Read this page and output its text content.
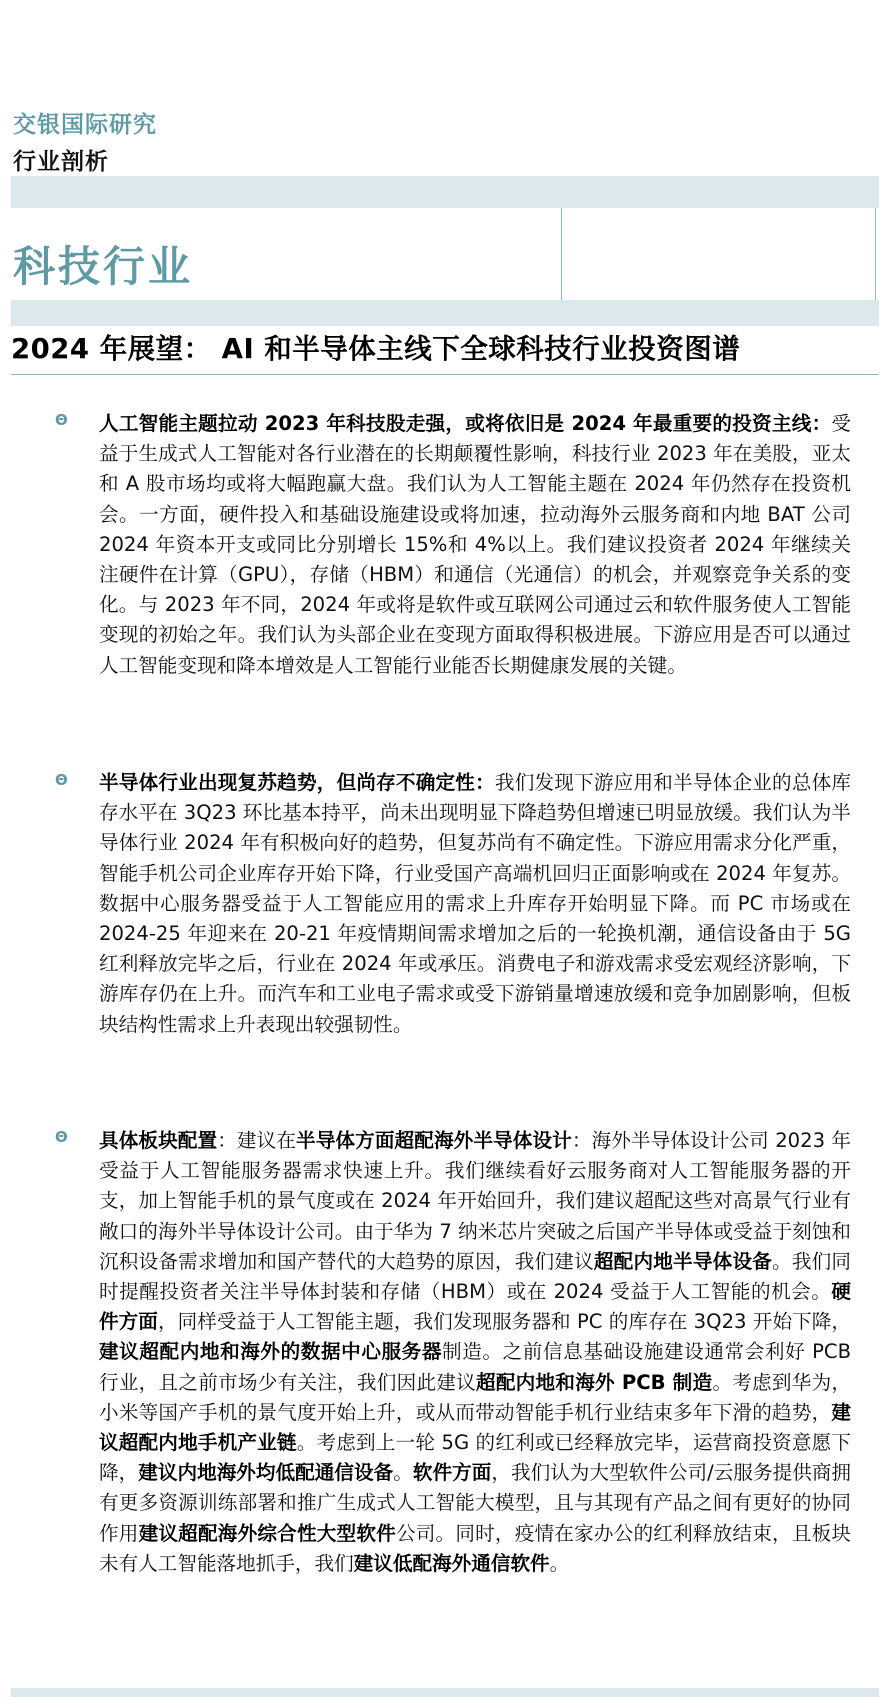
交银国际研究
行业剖析
科技行业
2024 年展望： AI 和半导体主线下全球科技行业投资图谱
Θ 人工智能主题拉动 2023 年科技股走强，或将依旧是 2024 年最重要的投资主线：受益于生成式人工智能对各行业潜在的长期颠覆性影响，科技行业 2023 年在美股，亚太和 A 股市场均或将大幅跑赢大盘。我们认为人工智能主题在 2024 年仍然存在投资机会。一方面，硬件投入和基础设施建设或将加速，拉动海外云服务商和内地 BAT 公司 2024 年资本开支或同比分别增长 15%和 4%以上。我们建议投资者 2024 年继续关注硬件在计算（GPU），存储（HBM）和通信（光通信）的机会，并观察竞争关系的变化。与 2023 年不同，2024 年或将是软件或互联网公司通过云和软件服务使人工智能变现的初始之年。我们认为头部企业在变现方面取得积极进展。下游应用是否可以通过人工智能变现和降本增效是人工智能行业能否长期健康发展的关键。
Θ 半导体行业出现复苏趋势，但尚存不确定性：我们发现下游应用和半导体企业的总体库存水平在 3Q23 环比基本持平，尚未出现明显下降趋势但增速已明显放缓。我们认为半导体行业 2024 年有积极向好的趋势，但复苏尚有不确定性。下游应用需求分化严重，智能手机公司企业库存开始下降，行业受国产高端机回归正面影响或在 2024 年复苏。数据中心服务器受益于人工智能应用的需求上升库存开始明显下降。而 PC 市场或在2024-25 年迎来在 20-21 年疫情期间需求增加之后的一轮换机潮，通信设备由于 5G 红利释放完毕之后，行业在 2024 年或承压。消费电子和游戏需求受宏观经济影响，下游库存仍在上升。而汽车和工业电子需求或受下游销量增速放缓和竞争加剧影响，但板块结构性需求上升表现出较强韧性。
Θ 具体板块配置：建议在半导体方面超配海外半导体设计：海外半导体设计公司 2023 年受益于人工智能服务器需求快速上升。我们继续看好云服务商对人工智能服务器的开支，加上智能手机的景气度或在 2024 年开始回升，我们建议超配这些对高景气行业有敞口的海外半导体设计公司。由于华为 7 纳米芯片突破之后国产半导体或受益于刻蚀和沉积设备需求增加和国产替代的大趋势的原因，我们建议超配内地半导体设备。我们同时提醒投资者关注半导体封装和存储（HBM）或在 2024 受益于人工智能的机会。硬件方面，同样受益于人工智能主题，我们发现服务器和 PC 的库存在 3Q23 开始下降，建议超配内地和海外的数据中心服务器制造。之前信息基础设施建设通常会利好 PCB 行业，且之前市场少有关注，我们因此建议超配内地和海外 PCB 制造。考虑到华为，小米等国产手机的景气度开始上升，或从而带动智能手机行业结束多年下滑的趋势，建议超配内地手机产业链。考虑到上一轮 5G 的红利或已经释放完毕，运营商投资意愿下降，建议内地海外均低配通信设备。软件方面，我们认为大型软件公司/云服务提供商拥有更多资源训练部署和推广生成式人工智能大模型，且与其现有产品之间有更好的协同作用建议超配海外综合性大型软件公司。同时，疫情在家办公的红利释放结束，且板块未有人工智能落地抓手，我们建议低配海外通信软件。
